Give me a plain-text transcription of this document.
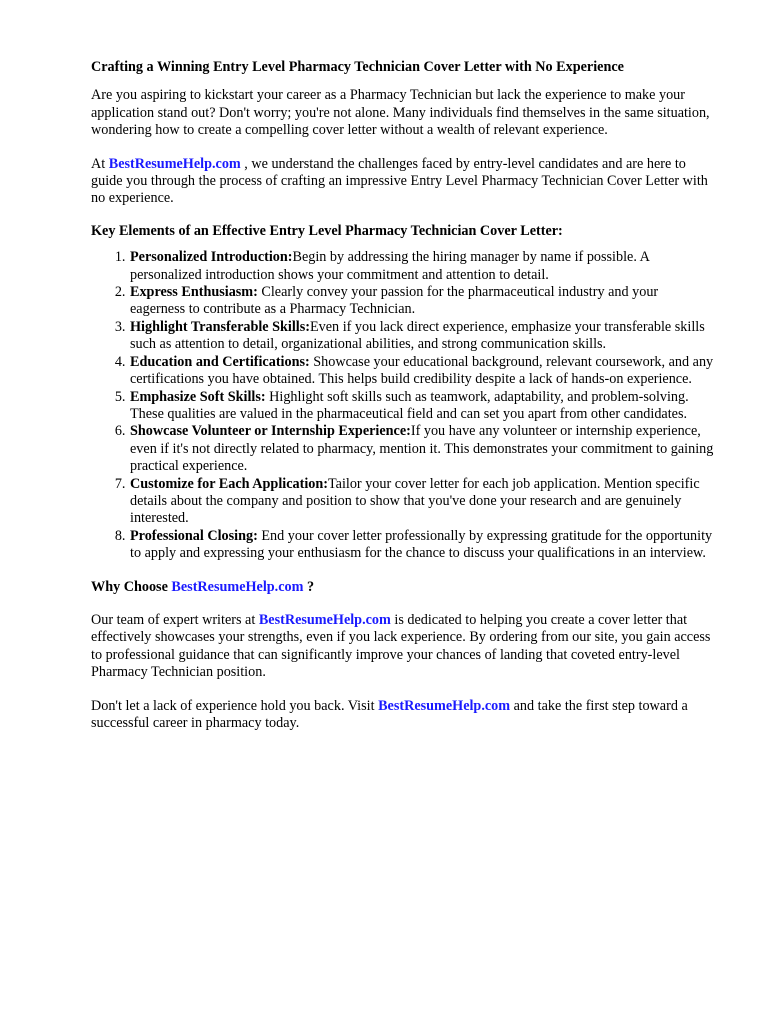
Crafting a Winning Entry Level Pharmacy Technician Cover Letter with No Experience

Are you aspiring to kickstart your career as a Pharmacy Technician but lack the experience to make your application stand out? Don't worry; you're not alone. Many individuals find themselves in the same situation, wondering how to create a compelling cover letter without a wealth of relevant experience.

At BestResumeHelp.com , we understand the challenges faced by entry-level candidates and are here to guide you through the process of crafting an impressive Entry Level Pharmacy Technician Cover Letter with no experience.

Key Elements of an Effective Entry Level Pharmacy Technician Cover Letter:
1. Personalized Introduction:Begin by addressing the hiring manager by name if possible. A personalized introduction shows your commitment and attention to detail.
2. Express Enthusiasm: Clearly convey your passion for the pharmaceutical industry and your eagerness to contribute as a Pharmacy Technician.
3. Highlight Transferable Skills:Even if you lack direct experience, emphasize your transferable skills such as attention to detail, organizational abilities, and strong communication skills.
4. Education and Certifications: Showcase your educational background, relevant coursework, and any certifications you have obtained. This helps build credibility despite a lack of hands-on experience.
5. Emphasize Soft Skills: Highlight soft skills such as teamwork, adaptability, and problem-solving. These qualities are valued in the pharmaceutical field and can set you apart from other candidates.
6. Showcase Volunteer or Internship Experience:If you have any volunteer or internship experience, even if it's not directly related to pharmacy, mention it. This demonstrates your commitment to gaining practical experience.
7. Customize for Each Application:Tailor your cover letter for each job application. Mention specific details about the company and position to show that you've done your research and are genuinely interested.
8. Professional Closing: End your cover letter professionally by expressing gratitude for the opportunity to apply and expressing your enthusiasm for the chance to discuss your qualifications in an interview.
Why Choose BestResumeHelp.com ?

Our team of expert writers at BestResumeHelp.com is dedicated to helping you create a cover letter that effectively showcases your strengths, even if you lack experience. By ordering from our site, you gain access to professional guidance that can significantly improve your chances of landing that coveted entry-level Pharmacy Technician position.

Don't let a lack of experience hold you back. Visit BestResumeHelp.com and take the first step toward a successful career in pharmacy today.
